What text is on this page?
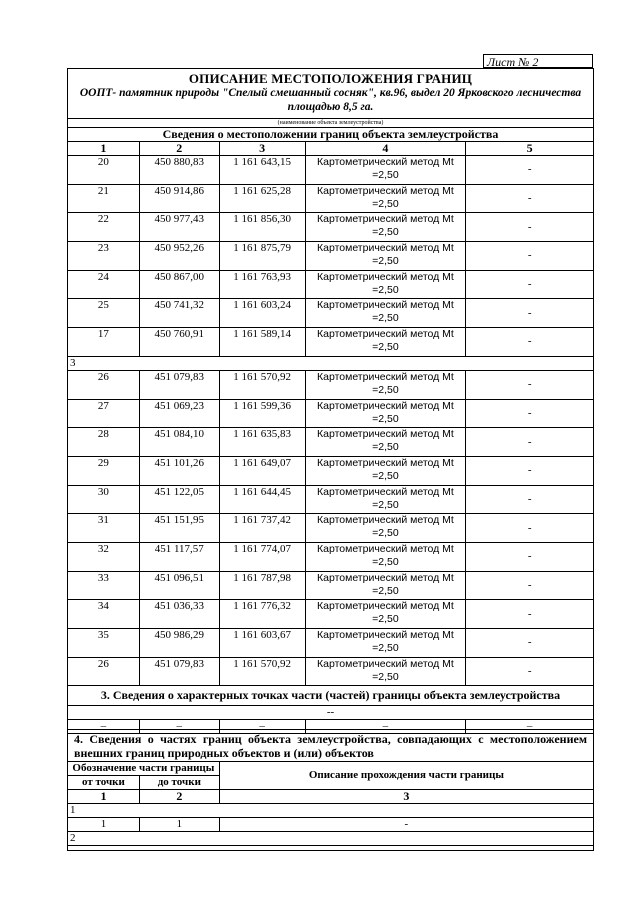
Лист № 2
ОПИСАНИЕ МЕСТОПОЛОЖЕНИЯ ГРАНИЦ
ООПТ- памятник природы "Спелый смешанный сосняк", кв.96, выдел 20 Ярковского лесничества площадью 8,5 га.
(наименование объекта землеустройства)
Сведения о местоположении границ объекта землеустройства				
1	2	3	4	5
20	450 880,83	1 161 643,15	Картометрический метод Mt =2,50	-
21	450 914,86	1 161 625,28	Картометрический метод Mt =2,50	-
22	450 977,43	1 161 856,30	Картометрический метод Mt =2,50	-
23	450 952,26	1 161 875,79	Картометрический метод Mt =2,50	-
24	450 867,00	1 161 763,93	Картометрический метод Mt =2,50	-
25	450 741,32	1 161 603,24	Картометрический метод Mt =2,50	-
17	450 760,91	1 161 589,14	Картометрический метод Mt =2,50	-
3				
26	451 079,83	1 161 570,92	Картометрический метод Mt =2,50	-
27	451 069,23	1 161 599,36	Картометрический метод Mt =2,50	-
28	451 084,10	1 161 635,83	Картометрический метод Mt =2,50	-
29	451 101,26	1 161 649,07	Картометрический метод Mt =2,50	-
30	451 122,05	1 161 644,45	Картометрический метод Mt =2,50	-
31	451 151,95	1 161 737,42	Картометрический метод Mt =2,50	-
32	451 117,57	1 161 774,07	Картометрический метод Mt =2,50	-
33	451 096,51	1 161 787,98	Картометрический метод Mt =2,50	-
34	451 036,33	1 161 776,32	Картометрический метод Mt =2,50	-
35	450 986,29	1 161 603,67	Картометрический метод Mt =2,50	-
26	451 079,83	1 161 570,92	Картометрический метод Mt =2,50	-
3. Сведения о характерных точках части (частей) границы объекта землеустройства				
--				
–	–	–	–	–
4. Сведения о частях границ объекта землеустройства, совпадающих с местоположением внешних границ природных объектов и (или) объектов		
Обозначение части границы		Описание прохождения части границы
от точки	до точки	
1	2	3
1		
1	1	-
2		
